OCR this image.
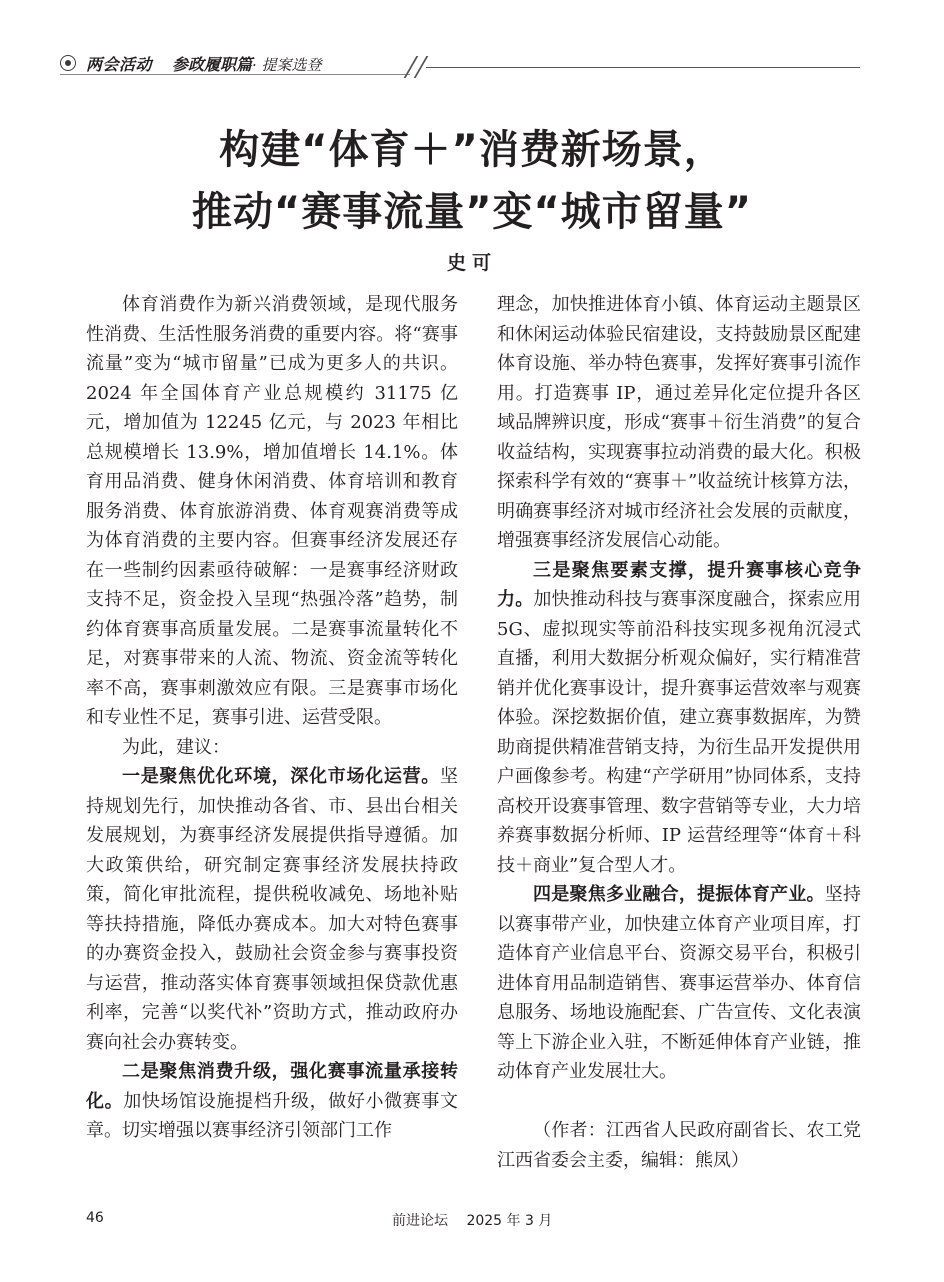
两会活动 参政履职篇· 提案选登
构建“体育＋”消费新场景，
推动“赛事流量”变“城市留量”
史可

体育消费作为新兴消费领域，是现代服务性消费、生活性服务消费的重要内容。将“赛事流量”变为“城市留量”已成为更多人的共识。2024 年全国体育产业总规模约 31175 亿元，增加值为 12245 亿元，与 2023 年相比总规模增长 13.9%，增加值增长 14.1%。体育用品消费、健身休闲消费、体育培训和教育服务消费、体育旅游消费、体育观赛消费等成为体育消费的主要内容。但赛事经济发展还存在一些制约因素亟待破解：一是赛事经济财政支持不足，资金投入呈现“热强冷落”趋势，制约体育赛事高质量发展。二是赛事流量转化不足，对赛事带来的人流、物流、资金流等转化率不高，赛事刺激效应有限。三是赛事市场化和专业性不足，赛事引进、运营受限。

为此，建议：

一是聚焦优化环境，深化市场化运营。坚持规划先行，加快推动各省、市、县出台相关发展规划，为赛事经济发展提供指导遵循。加大政策供给，研究制定赛事经济发展扶持政策，简化审批流程，提供税收减免、场地补贴等扶持措施，降低办赛成本。加大对特色赛事的办赛资金投入，鼓励社会资金参与赛事投资与运营，推动落实体育赛事领域担保贷款优惠利率，完善“以奖代补”资助方式，推动政府办赛向社会办赛转变。

二是聚焦消费升级，强化赛事流量承接转化。加快场馆设施提档升级，做好小微赛事文章。切实增强以赛事经济引领部门工作

理念，加快推进体育小镇、体育运动主题景区和休闲运动体验民宿建设，支持鼓励景区配建体育设施、举办特色赛事，发挥好赛事引流作用。打造赛事 IP，通过差异化定位提升各区域品牌辨识度，形成“赛事＋衍生消费”的复合收益结构，实现赛事拉动消费的最大化。积极探索科学有效的“赛事＋”收益统计核算方法，明确赛事经济对城市经济社会发展的贡献度，增强赛事经济发展信心动能。

三是聚焦要素支撑，提升赛事核心竞争力。加快推动科技与赛事深度融合，探索应用 5G、虚拟现实等前沿科技实现多视角沉浸式直播，利用大数据分析观众偏好，实行精准营销并优化赛事设计，提升赛事运营效率与观赛体验。深挖数据价值，建立赛事数据库，为赞助商提供精准营销支持，为衍生品开发提供用户画像参考。构建“产学研用”协同体系，支持高校开设赛事管理、数字营销等专业，大力培养赛事数据分析师、IP 运营经理等“体育＋科技＋商业”复合型人才。

四是聚焦多业融合，提振体育产业。坚持以赛事带产业，加快建立体育产业项目库，打造体育产业信息平台、资源交易平台，积极引进体育用品制造销售、赛事运营举办、体育信息服务、场地设施配套、广告宣传、文化表演等上下游企业入驻，不断延伸体育产业链，推动体育产业发展壮大。

（作者：江西省人民政府副省长、农工党江西省委会主委，编辑：熊凤）

46	前进论坛　 2025 年 3 月
